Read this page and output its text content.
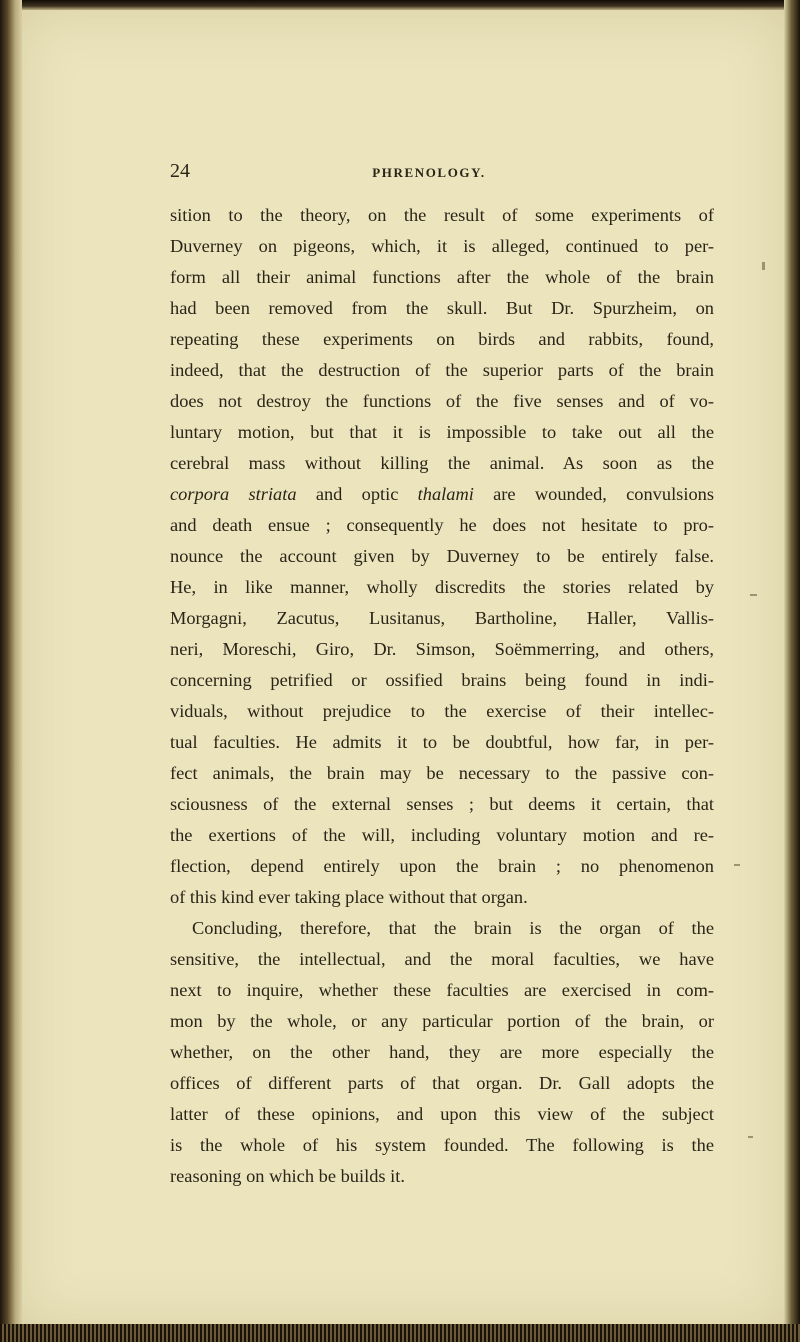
24	PHRENOLOGY.
sition to the theory, on the result of some experiments of
Duverney on pigeons, which, it is alleged, continued to per-
form all their animal functions after the whole of the brain
had been removed from the skull. But Dr. Spurzheim, on
repeating these experiments on birds and rabbits, found,
indeed, that the destruction of the superior parts of the brain
does not destroy the functions of the five senses and of vo-
luntary motion, but that it is impossible to take out all the
cerebral mass without killing the animal. As soon as the
corpora striata and optic thalami are wounded, convulsions
and death ensue ; consequently he does not hesitate to pro-
nounce the account given by Duverney to be entirely false.
He, in like manner, wholly discredits the stories related by
Morgagni, Zacutus, Lusitanus, Bartholine, Haller, Vallis-
neri, Moreschi, Giro, Dr. Simson, Soëmmerring, and others,
concerning petrified or ossified brains being found in indi-
viduals, without prejudice to the exercise of their intellec-
tual faculties. He admits it to be doubtful, how far, in per-
fect animals, the brain may be necessary to the passive con-
sciousness of the external senses ; but deems it certain, that
the exertions of the will, including voluntary motion and re-
flection, depend entirely upon the brain ; no phenomenon
of this kind ever taking place without that organ.
Concluding, therefore, that the brain is the organ of the
sensitive, the intellectual, and the moral faculties, we have
next to inquire, whether these faculties are exercised in com-
mon by the whole, or any particular portion of the brain, or
whether, on the other hand, they are more especially the
offices of different parts of that organ. Dr. Gall adopts the
latter of these opinions, and upon this view of the subject
is the whole of his system founded. The following is the
reasoning on which be builds it.
